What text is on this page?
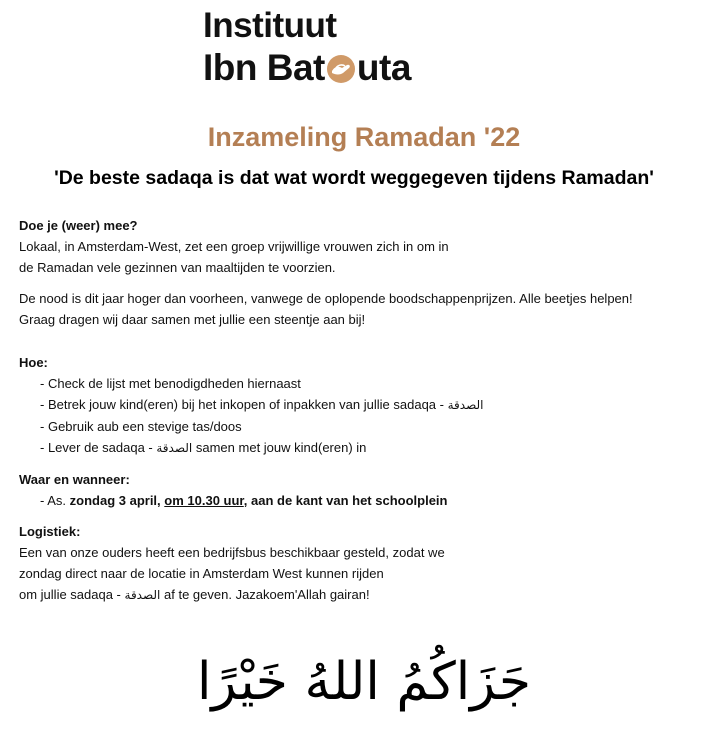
Instituut
Ibn Bat uta
Inzameling Ramadan '22
'De beste sadaqa is dat wat wordt weggegeven tijdens Ramadan'

Doe je (weer) mee?

Lokaal, in Amsterdam-West, zet een groep vrijwillige vrouwen zich in om in

de Ramadan vele gezinnen van maaltijden te voorzien.

De nood is dit jaar hoger dan voorheen, vanwege de oplopende boodschappenprijzen. Alle beetjes helpen!

Graag dragen wij daar samen met jullie een steentje aan bij!

Hoe:

- Check de lijst met benodigdheden hiernaast
- Betrek jouw kind(eren) bij het inkopen of inpakken van jullie sadaqa - الصدقة
- Gebruik aub een stevige tas/doos
- Lever de sadaqa - الصدقة samen met jouw kind(eren) in

Waar en wanneer:

- As. zondag 3 april, om 10.30 uur, aan de kant van het schoolplein

Logistiek:

Een van onze ouders heeft een bedrijfsbus beschikbaar gesteld, zodat we

zondag direct naar de locatie in Amsterdam West kunnen rijden

om jullie sadaqa - الصدقة af te geven. Jazakoem'Allah gairan!

جَزَاكُمُ اللهُ خَيْرًا
